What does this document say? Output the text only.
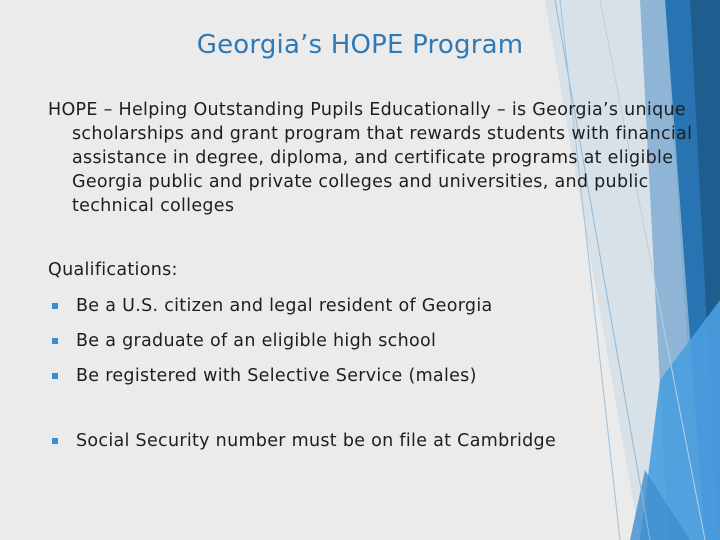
Georgia’s HOPE Program
HOPE – Helping Outstanding Pupils Educationally – is Georgia’s unique scholarships and grant program that rewards students with financial assistance in degree, diploma, and certificate programs at eligible Georgia public and private colleges and universities, and public technical colleges
Qualifications:
Be a U.S. citizen and legal resident of Georgia
Be a graduate of an eligible high school
Be registered with Selective Service (males)
Social Security number must be on file at Cambridge
